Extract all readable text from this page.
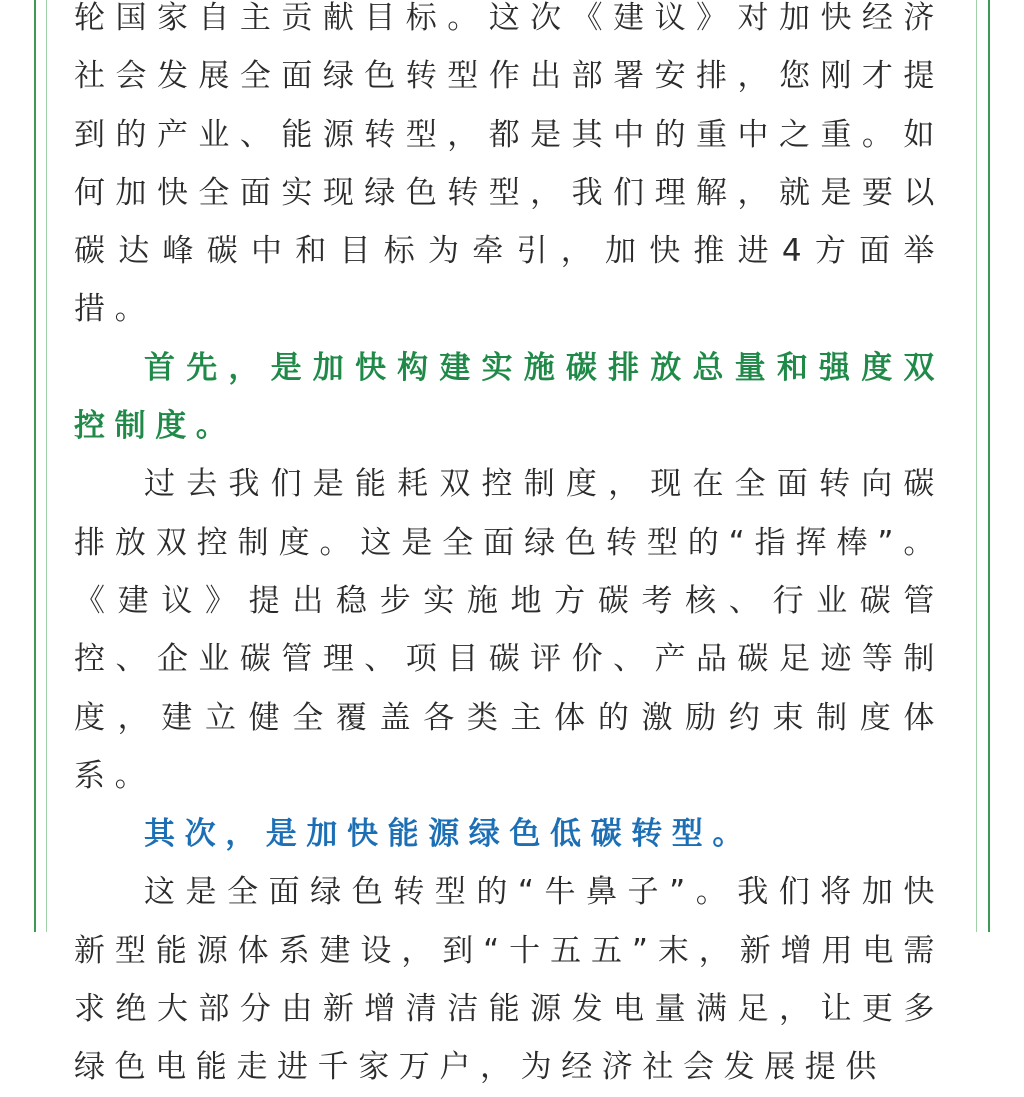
轮国家自主贡献目标。这次《建议》对加快经济社会发展全面绿色转型作出部署安排，您刚才提到的产业、能源转型，都是其中的重中之重。如何加快全面实现绿色转型，我们理解，就是要以碳达峰碳中和目标为牵引，加快推进4方面举措。

首先，是加快构建实施碳排放总量和强度双控制度。

过去我们是能耗双控制度，现在全面转向碳排放双控制度。这是全面绿色转型的“指挥棒”。《建议》提出稳步实施地方碳考核、行业碳管控、企业碳管理、项目碳评价、产品碳足迹等制度，建立健全覆盖各类主体的激励约束制度体系。

其次，是加快能源绿色低碳转型。

这是全面绿色转型的“牛鼻子”。我们将加快新型能源体系建设，到“十五五”末，新增用电需求绝大部分由新增清洁能源发电量满足，让更多绿色电能走进千家万户，为经济社会发展提供
